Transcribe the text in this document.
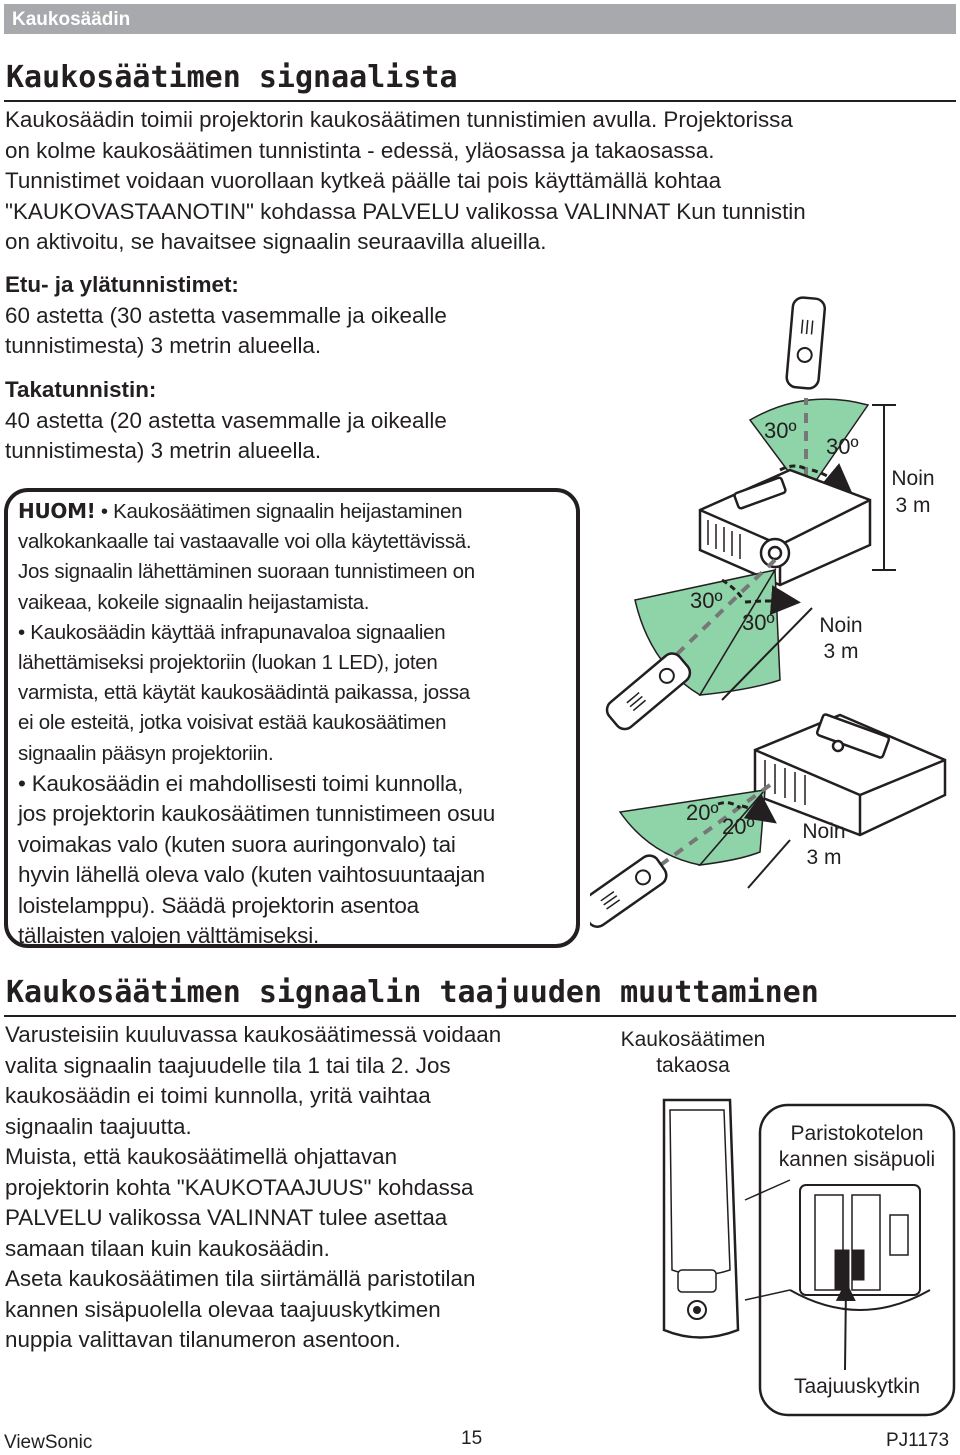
Kaukosäädin
Kaukosäätimen signaalista
Kaukosäädin toimii projektorin kaukosäätimen tunnistimien avulla. Projektorissa
on kolme kaukosäätimen tunnistinta - edessä, yläosassa ja takaosassa.
Tunnistimet voidaan vuorollaan kytkeä päälle tai pois käyttämällä kohtaa
"KAUKOVASTAANOTIN" kohdassa PALVELU valikossa VALINNAT Kun tunnistin
on aktivoitu, se havaitsee signaalin seuraavilla alueilla.
Etu- ja ylätunnistimet:
60 astetta (30 astetta vasemmalle ja oikealle
tunnistimesta) 3 metrin alueella.
Takatunnistin:
40 astetta (20 astetta vasemmalle ja oikealle
tunnistimesta) 3 metrin alueella.
HUOM! • Kaukosäätimen signaalin heijastaminen
valkokankaalle tai vastaavalle voi olla käytettävissä.
Jos signaalin lähettäminen suoraan tunnistimeen on
vaikeaa, kokeile signaalin heijastamista.
• Kaukosäädin käyttää infrapunavaloa signaalien
lähettämiseksi projektoriin (luokan 1 LED), joten
varmista, että käytät kaukosäädintä paikassa, jossa
ei ole esteitä, jotka voisivat estää kaukosäätimen
signaalin pääsyn projektoriin.
• Kaukosäädin ei mahdollisesti toimi kunnolla,
jos projektorin kaukosäätimen tunnistimeen osuu
voimakas valo (kuten suora auringonvalo) tai
hyvin lähellä oleva valo (kuten vaihtosuuntaajan
loistelamppu). Säädä projektorin asentoa
tällaisten valojen välttämiseksi.
30º
30º
Noin
3 m
30º
30º Noin
3 m
20º
20º Noin
3 m
Kaukosäätimen signaalin taajuuden muuttaminen
Varusteisiin kuuluvassa kaukosäätimessä voidaan
valita signaalin taajuudelle tila 1 tai tila 2. Jos
kaukosäädin ei toimi kunnolla, yritä vaihtaa
signaalin taajuutta.
Muista, että kaukosäätimellä ohjattavan
projektorin kohta "KAUKOTAAJUUS" kohdassa
PALVELU valikossa VALINNAT tulee asettaa
samaan tilaan kuin kaukosäädin.
Aseta kaukosäätimen tila siirtämällä paristotilan
kannen sisäpuolella olevaa taajuuskytkimen
nuppia valittavan tilanumeron asentoon.
Kaukosäätimen
takaosa
Paristokotelon
kannen sisäpuoli
Taajuuskytkin
ViewSonic	15	PJ1173
